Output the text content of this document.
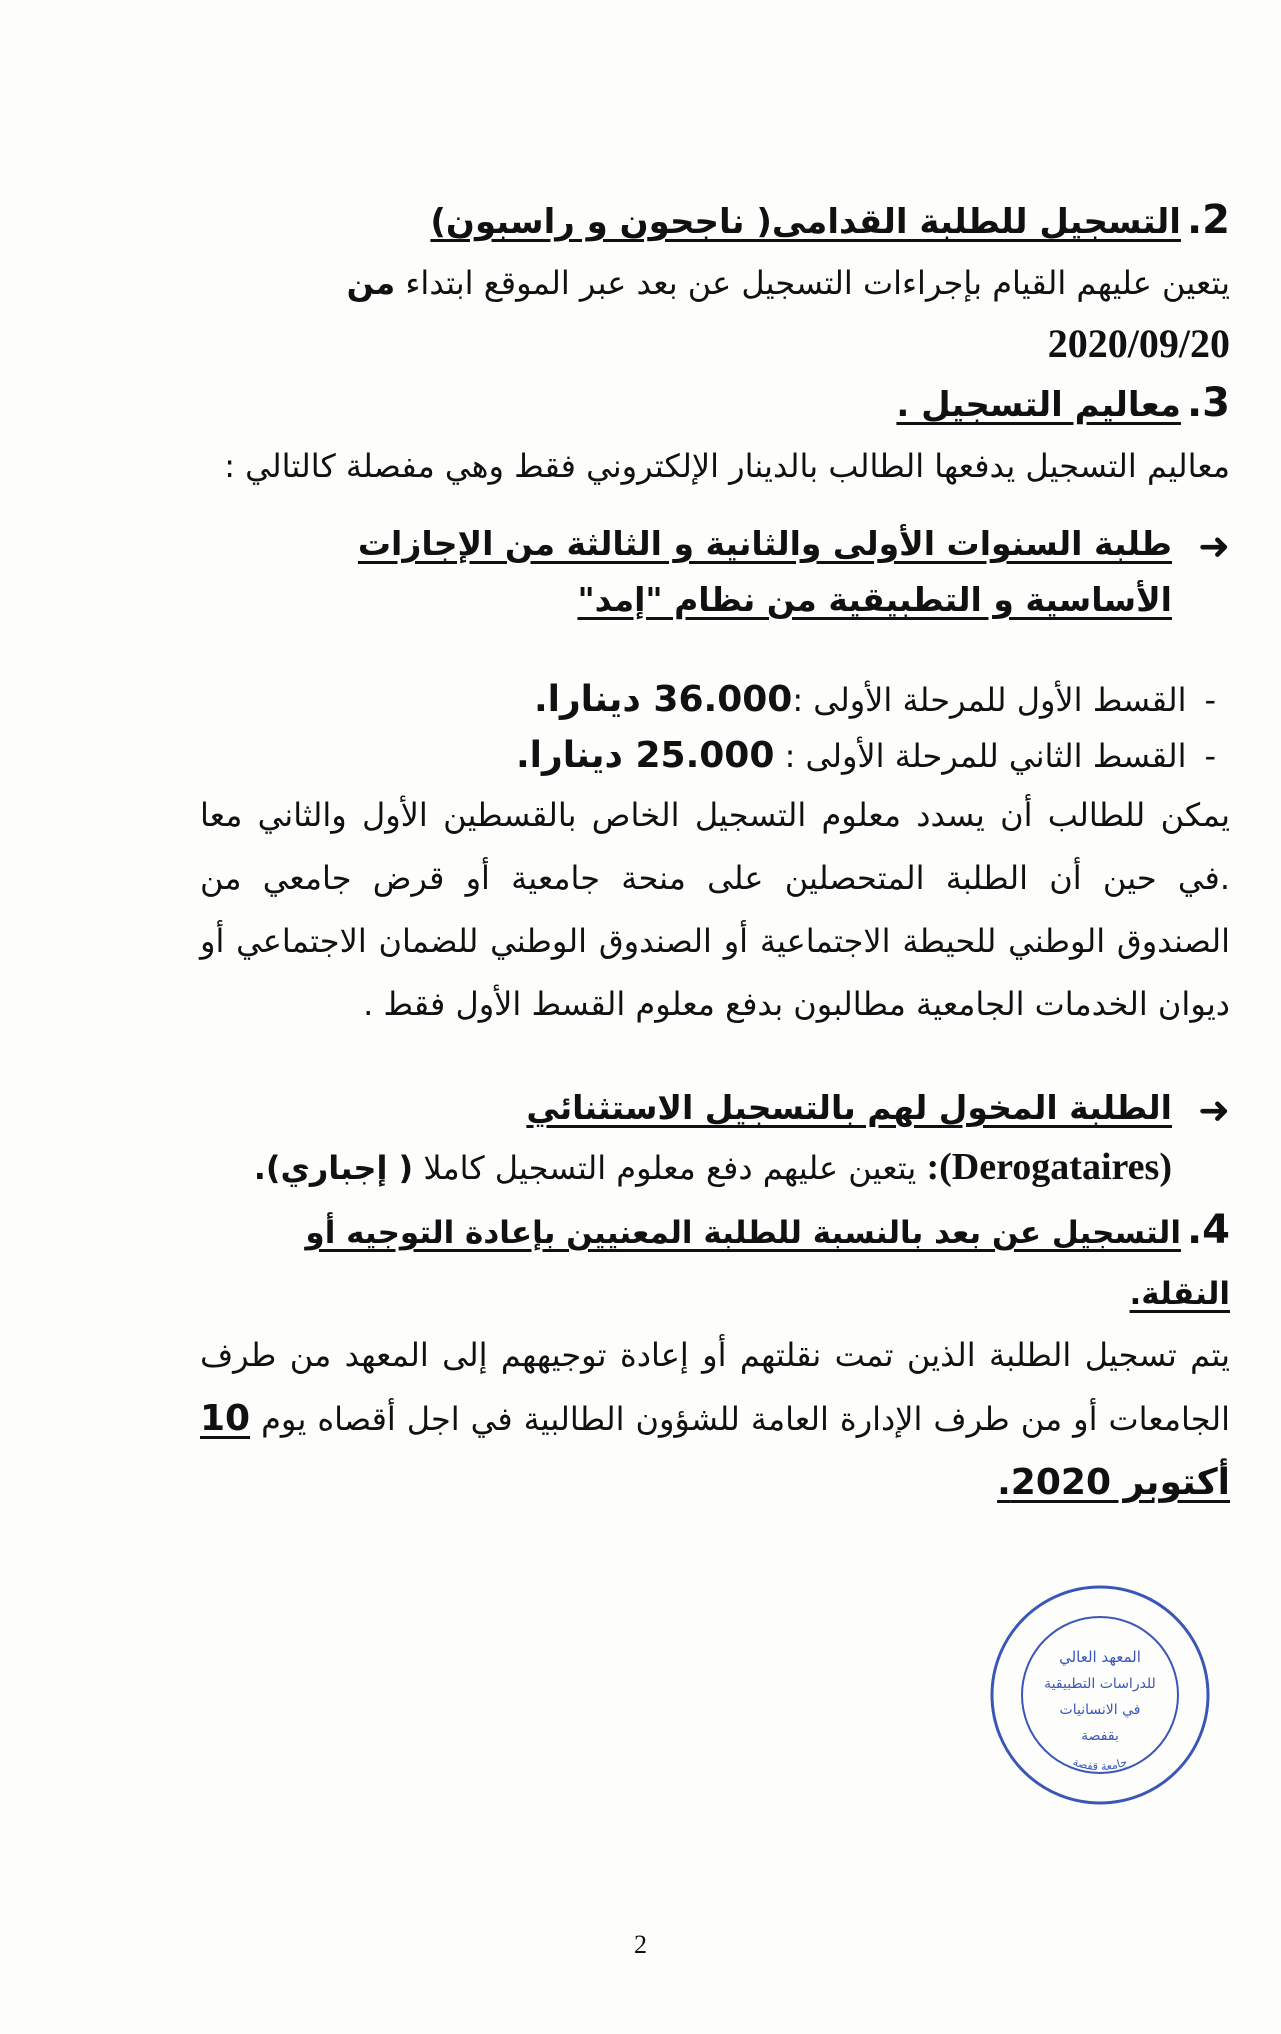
2.التسجيل للطلبة القدامى( ناجحون و راسبون)

يتعين عليهم القيام بإجراءات التسجيل عن بعد عبر الموقع ابتداء من

2020/09/20
3.معاليم التسجيل .

معاليم التسجيل يدفعها الطالب بالدينار الإلكتروني فقط وهي مفصلة كالتالي :

➜
طلبة السنوات الأولى والثانية و الثالثة من الإجازات
الأساسية و التطبيقية من نظام "إمد"

-القسط الأول للمرحلة الأولى :36.000 دينارا.

-القسط الثاني للمرحلة الأولى : 25.000 دينارا.

يمكن للطالب أن يسدد معلوم التسجيل الخاص بالقسطين الأول والثاني معا .في حين أن الطلبة المتحصلين على منحة جامعية أو قرض جامعي من الصندوق الوطني للحيطة الاجتماعية أو الصندوق الوطني للضمان الاجتماعي أو ديوان الخدمات الجامعية مطالبون بدفع معلوم القسط الأول فقط .

➜
الطلبة المخول لهم بالتسجيل الاستثنائي

(Derogataires): يتعين عليهم دفع معلوم التسجيل كاملا ( إجباري).

4.التسجيل عن بعد بالنسبة للطلبة المعنيين بإعادة التوجيه أو النقلة.

يتم تسجيل الطلبة الذين تمت نقلتهم أو إعادة توجيههم إلى المعهد من طرف الجامعات أو من طرف الإدارة العامة للشؤون الطالبية في اجل أقصاه يوم 10 أكتوبر 2020.

جامعة قفصة
المعهد العالي
للدراسات التطبيقية
في الانسانيات
بقفصة
2
